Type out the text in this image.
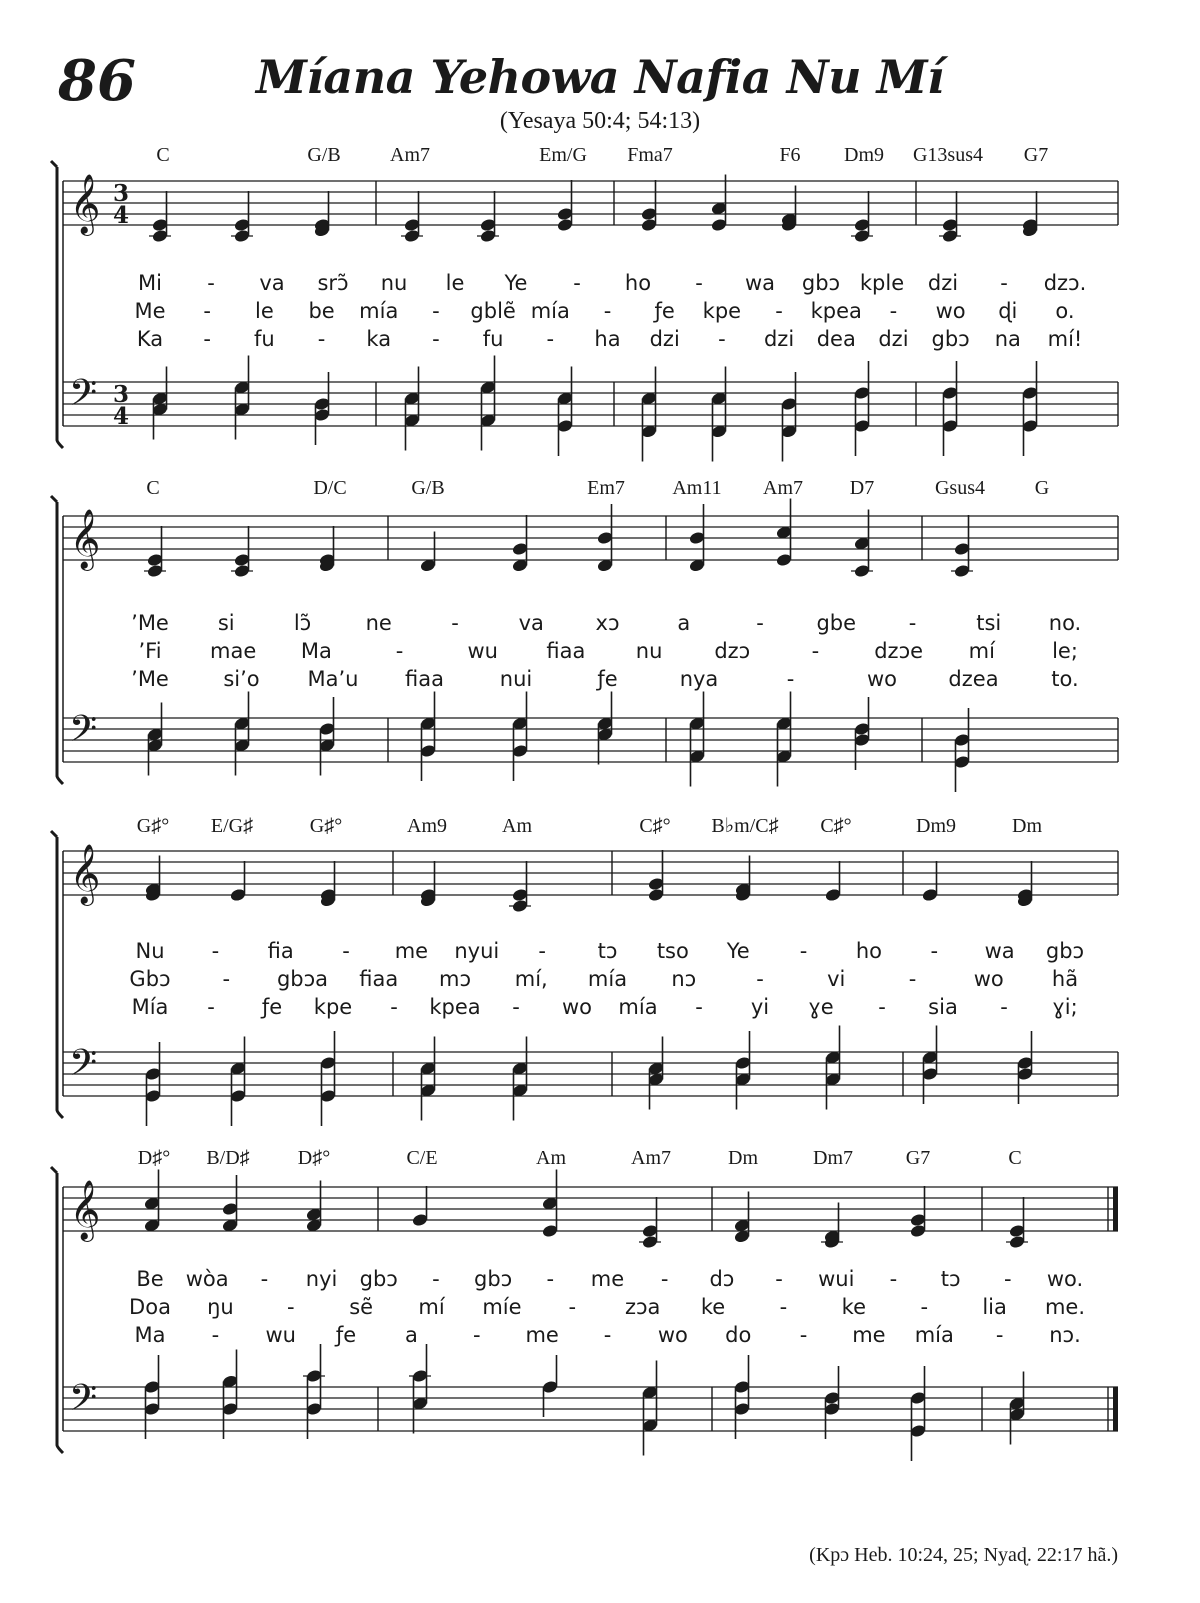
86	Míana Yehowa Nafia Nu Mí
(Yesaya 50:4; 54:13)
𝄞
𝄢
3
4
3
4
C	G/B Am7	Em/G Fma7	F6 Dm9 G13sus4 G7
Mi - va srɔ̃ nu le Ye - ho - wa gbɔ kple dzi - dzɔ.
Me - le be mía - gblẽ mía - ƒe kpe - kpea - wo ɖi o.
Ka - fu - ka - fu - ha dzi - dzi dea dzi gbɔ na mí!
𝄞
𝄢
C	D/C	G/B	Em7 Am11 Am7 D7	Gsus4 G
’Me si	lɔ̃	ne	-	va xɔ	a	-	gbe	-	tsi no.
’Fi mae Ma	-	wu fiaa nu dzɔ	-	dzɔe mí	le;
’Me	si’o Ma’u fiaa	nui	ƒe	nya	-	wo dzea	to.
𝄞
𝄢
G♯° E/G♯	G♯°	Am9	Am	C♯° B♭m/C♯ C♯°	Dm9	Dm
Nu - fia - me nyui - tɔ tso Ye - ho - wa gbɔ
Gbɔ - gbɔa fiaa mɔ mí, mía nɔ	-	vi	-	wo hã
Mía - ƒe kpe - kpea - wo mía - yi ɣe - sia - ɣi;
𝄞
𝄢
D♯° B/D♯ D♯°	C/E	Am	Am7	Dm	Dm7	G7	C
Be wòa - nyi gbɔ - gbɔ - me - dɔ - wui - tɔ - wo.
Doa ŋu	-	sẽ mí míe - zɔa ke	-	ke	-	lia me.
Ma - wu ƒe a	- me - wo do - me mía - nɔ.
(Kpɔ Heb. 10:24, 25; Nyaɖ. 22:17 hã.)
